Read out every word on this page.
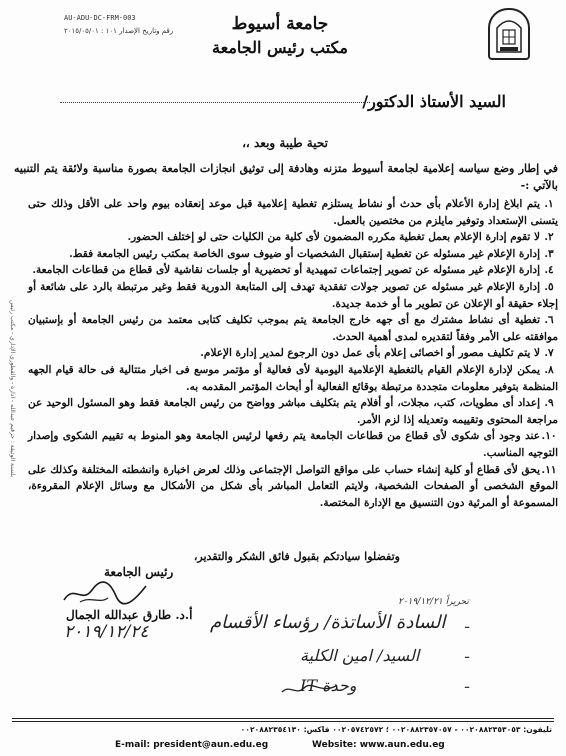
AU-ADU-DC-FRM-003
رقم وتاريخ الإصدار ١٠١ : ٢٠١٥/٠٥/٠١	جامعة أسيوط
مكتب رئيس الجامعة
السيد الأستاذ الدكتور/
تحية طيبة وبعد ،،
في إطار وضع سياسه إعلامية لجامعة أسيوط متزنه وهادفة إلى توثيق انجازات الجامعة بصورة مناسبة ولائقة يتم التنبيه بالآتي :-
١.يتم ابلاغ إدارة الأعلام بأى حدث أو نشاط يستلزم تغطية إعلامية قبل موعد إنعقاده بيوم واحد على الأقل وذلك حتى يتسنى الإستعداد وتوفير مايلزم من مختصين بالعمل.
٢.لا تقوم إدارة الإعلام بعمل تغطية مكرره المضمون لأى كلية من الكليات حتى لو إختلف الحضور.
٣.إدارة الإعلام غير مسئوله عن تغطية إستقبال الشخصيات أو ضيوف سوى الخاصة بمكتب رئيس الجامعة فقط.
٤.إدارة الإعلام غير مسئوله عن تصوير إجتماعات تمهيدية أو تحضيرية أو جلسات نقاشية لأى قطاع من قطاعات الجامعة.
٥.إدارة الإعلام غير مسئوله عن تصوير جولات تفقدية تهدف إلى المتابعة الدورية فقط وغير مرتبطة بالرد على شائعة أو إجلاء حقيقة أو الإعلان عن تطوير ما أو خدمة جديدة.
٦.تغطية أى نشاط مشترك مع أى جهه خارج الجامعة يتم بموجب تكليف كتابى معتمد من رئيس الجامعة أو بإستبيان موافقته على الأمر وفقاً لتقديره لمدى أهمية الحدث.
٧.لا يتم تكليف مصور أو اخصائى إعلام بأى عمل دون الرجوع لمدير إدارة الإعلام.
٨.يمكن لإدارة الإعلام القيام بالتغطية الإعلامية اليومية لأى فعالية أو مؤتمر موسع فى اخبار متتالية فى حالة قيام الجهه المنظمة بتوفير معلومات متجددة مرتبطة بوقائع الفعالية أو أبحاث المؤتمر المقدمه به.
٩.إعداد أى مطويات، كتب، مجلات، أو أفلام يتم بتكليف مباشر وواضح من رئيس الجامعة فقط وهو المسئول الوحيد عن مراجعة المحتوى وتقييمه وتعديله إذا لزم الأمر.
١٠.عند وجود أى شكوى لأى قطاع من قطاعات الجامعة يتم رفعها لرئيس الجامعة وهو المنوط به تقييم الشكوى وإصدار التوجيه المناسب.
١١.يحق لأى قطاع أو كلية إنشاء حساب على مواقع التواصل الإجتماعى وذلك لعرض اخبارة وانشطته المختلفة وكذلك على الموقع الشخصى أو الصفحات الشخصية، ولايتم التعامل المباشر بأى شكل من الأشكال مع وسائل الإعلام المقروءة، المسموعة أو المرئية دون التنسيق مع الإدارة المختصة.
وتفضلوا سيادتكم بقبول فائق الشكر والتقدير،
بلسنة الوثيقة : حرقيم عبدالله - ادارة - والقطوري الإداري - مكتب رئيس
رئيس الجامعة
أ.د. طارق عبدالله الجمال
٢٠١٩/١٢/٢٤
تحريراً ٢٠١٩/١٢/٢١
ـ
السادة الأساتذة/ رؤساء الأقسام
ـ
السيد/ امين الكلية
ـ
وحدة IT
تليفون: ٠٠٢٠٨٨٢٣٥٣٠٥٣ - ٠٠٢٠٨٨٢٣٥٧٠٥٧ ؛ ٠٠٢٠٥٧٤٢٥٧٢ فاكس: ٠٠٢٠٨٨٢٣٥٤١٣٠
E-mail: president@aun.edu.eg	Website: www.aun.edu.eg
